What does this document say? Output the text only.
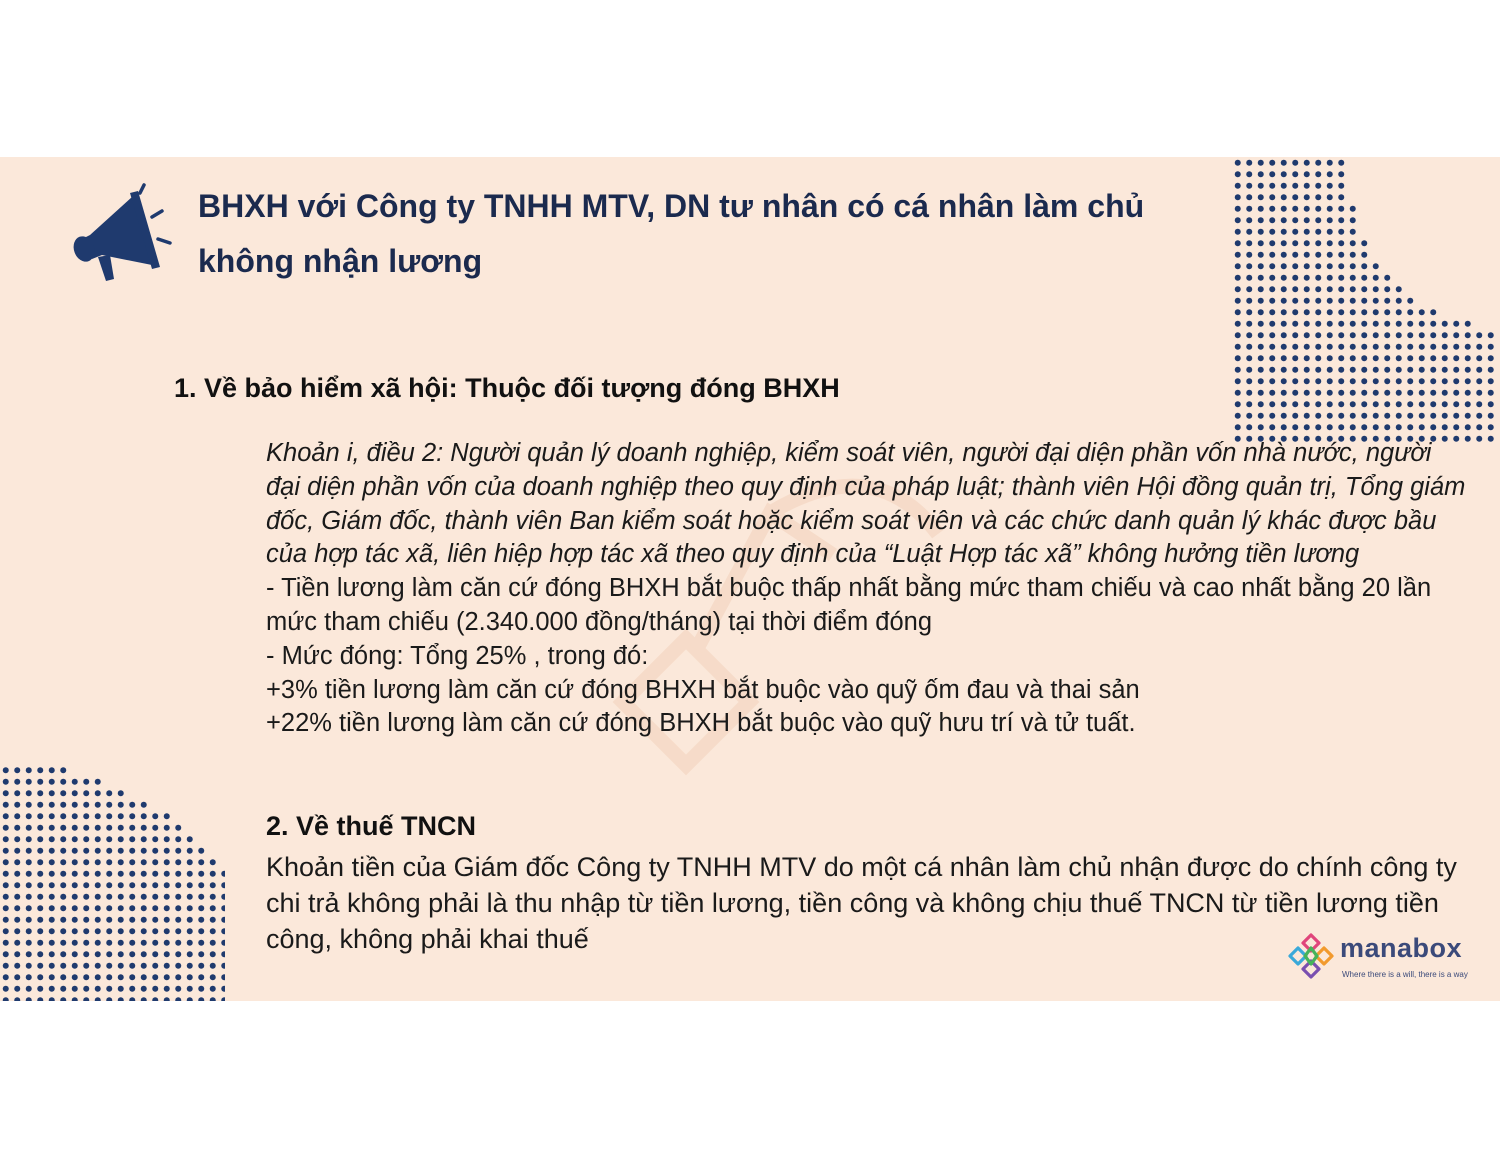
BHXH với Công ty TNHH MTV, DN tư nhân có cá nhân làm chủ
không nhận lương
1. Về bảo hiểm xã hội: Thuộc đối tượng đóng BHXH

Khoản i, điều 2: Người quản lý doanh nghiệp, kiểm soát viên, người đại diện phần vốn nhà nước, người đại diện phần vốn của doanh nghiệp theo quy định của pháp luật; thành viên Hội đồng quản trị, Tổng giám đốc, Giám đốc, thành viên Ban kiểm soát hoặc kiểm soát viên và các chức danh quản lý khác được bầu của hợp tác xã, liên hiệp hợp tác xã theo quy định của “Luật Hợp tác xã” không hưởng tiền lương

- Tiền lương làm căn cứ đóng BHXH bắt buộc thấp nhất bằng mức tham chiếu và cao nhất bằng 20 lần mức tham chiếu (2.340.000 đồng/tháng) tại thời điểm đóng

- Mức đóng: Tổng 25% , trong đó:

+3% tiền lương làm căn cứ đóng BHXH bắt buộc vào quỹ ốm đau và thai sản

+22% tiền lương làm căn cứ đóng BHXH bắt buộc vào quỹ hưu trí và tử tuất.

2. Về thuế TNCN
Khoản tiền của Giám đốc Công ty TNHH MTV do một cá nhân làm chủ nhận được do chính công ty chi trả không phải là thu nhập từ tiền lương, tiền công và không chịu thuế TNCN từ tiền lương tiền công, không phải khai thuế	manabox
Where there is a will, there is a way
